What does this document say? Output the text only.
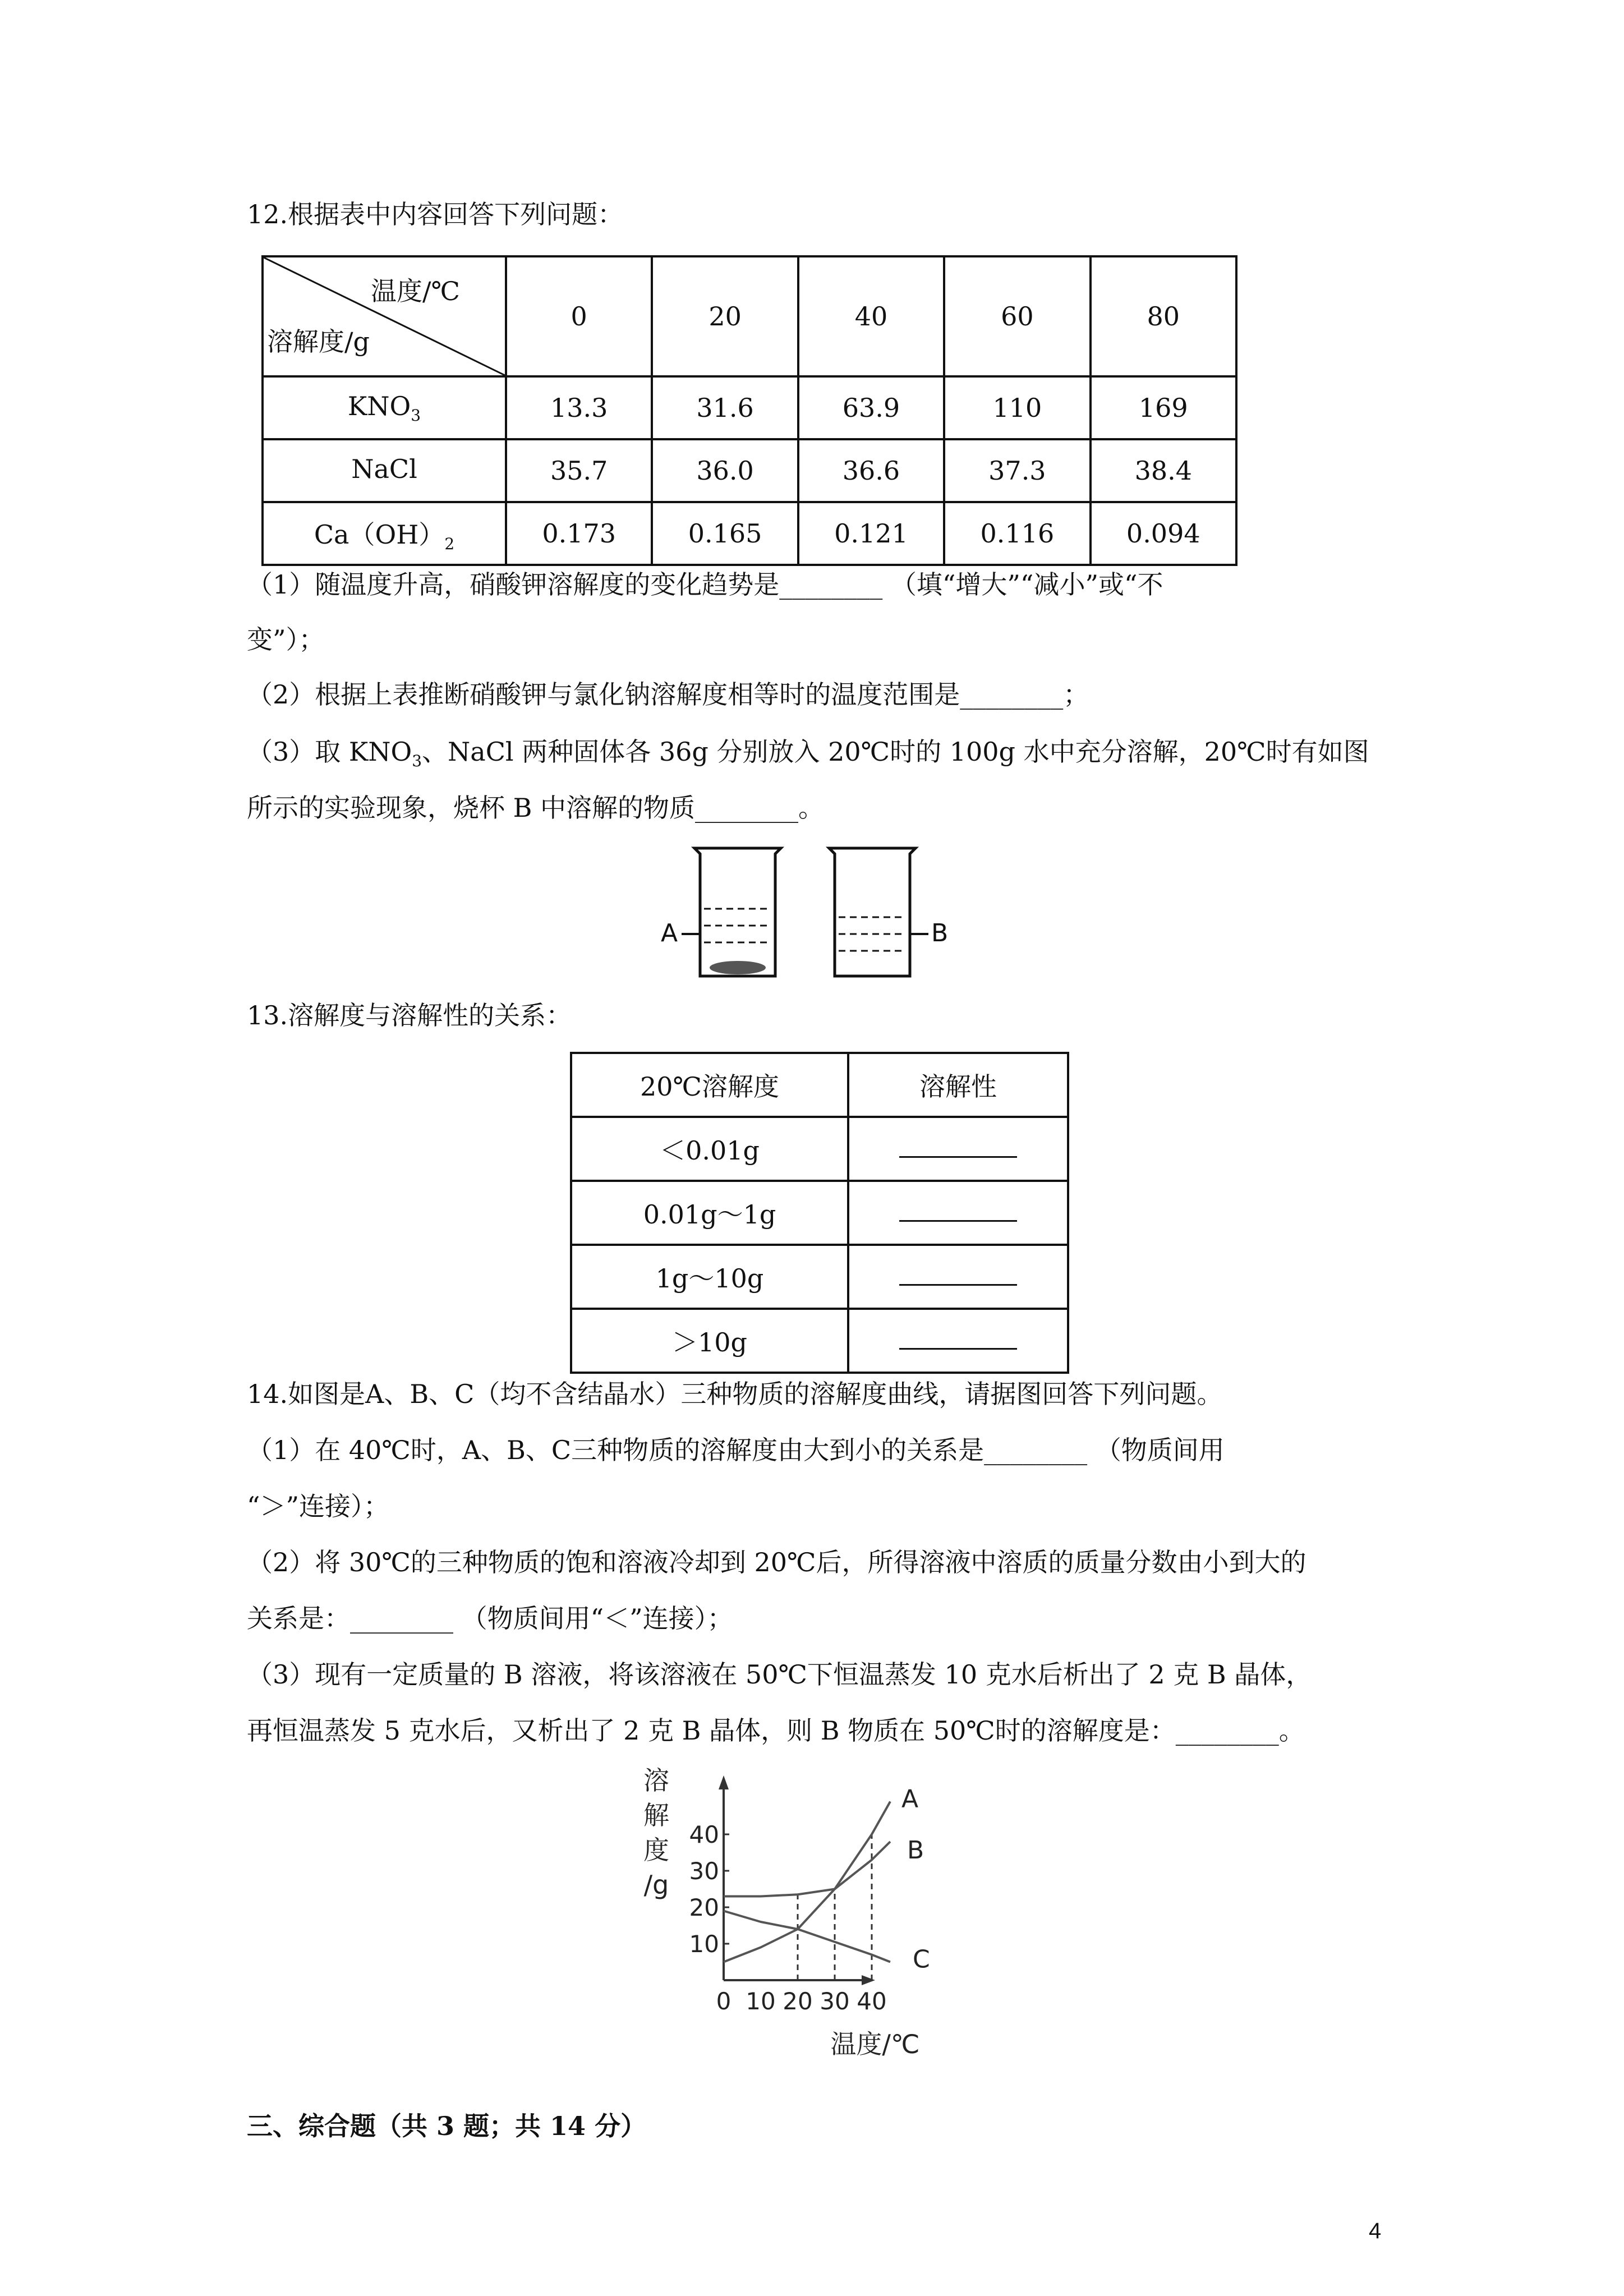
12.根据表中内容回答下列问题：
温度/℃
溶解度/g	0	20	40	60	80
$KNO_3$	13.3	31.6	63.9	110	169
NaCl	35.7	36.0	36.6	37.3	38.4
$Ca(OH)_2$	0.173	0.165	0.121	0.116	0.094
（1）随温度升高，硝酸钾溶解度的变化趋势是________ （填“增大”“减小”或“不
变”）；
（2）根据上表推断硝酸钾与氯化钠溶解度相等时的温度范围是________；
（3）取 $KNO_3$、NaCl 两种固体各 36g 分别放入 20℃时的 100g 水中充分溶解，20℃时有如图
所示的实验现象，烧杯 B 中溶解的物质________。
A	B
13.溶解度与溶解性的关系：
20℃溶解度	溶解性
＜0.01g	
0.01g～1g	
1g～10g	
＞10g	
14.如图是A、B、C（均不含结晶水）三种物质的溶解度曲线，请据图回答下列问题。
（1）在 40℃时，A、B、C三种物质的溶解度由大到小的关系是________ （物质间用
“＞”连接）；
（2）将 30℃的三种物质的饱和溶液冷却到 20℃后，所得溶液中溶质的质量分数由小到大的
关系是：________ （物质间用“＜”连接）；
（3）现有一定质量的 B 溶液，将该溶液在 50℃下恒温蒸发 10 克水后析出了 2 克 B 晶体，
再恒温蒸发 5 克水后，又析出了 2 克 B 晶体，则 B 物质在 50℃时的溶解度是：________。
10
20
30
40
0 10 20 30 40
A
B
C
溶
解
度
/g
温度/℃
三、综合题（共 3 题；共 14 分）
4
